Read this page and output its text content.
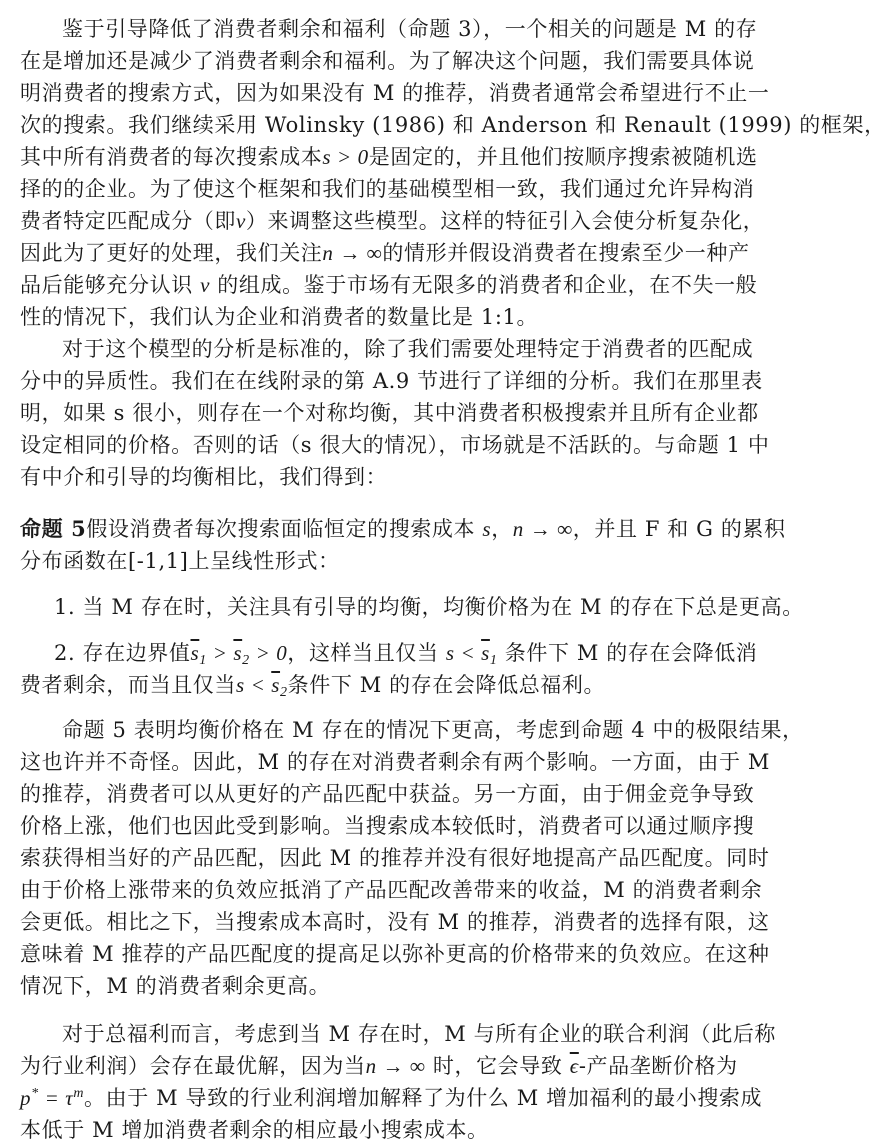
鉴于引导降低了消费者剩余和福利（命题 3），一个相关的问题是 M 的存
在是增加还是减少了消费者剩余和福利。为了解决这个问题，我们需要具体说
明消费者的搜索方式，因为如果没有 M 的推荐，消费者通常会希望进行不止一
次的搜索。我们继续采用 Wolinsky (1986) 和 Anderson 和 Renault (1999) 的框架，
其中所有消费者的每次搜索成本s > 0是固定的，并且他们按顺序搜索被随机选
择的的企业。为了使这个框架和我们的基础模型相一致，我们通过允许异构消
费者特定匹配成分（即v）来调整这些模型。这样的特征引入会使分析复杂化，
因此为了更好的处理，我们关注n → ∞的情形并假设消费者在搜索至少一种产
品后能够充分认识 v 的组成。鉴于市场有无限多的消费者和企业，在不失一般
性的情况下，我们认为企业和消费者的数量比是 1:1。
对于这个模型的分析是标准的，除了我们需要处理特定于消费者的匹配成
分中的异质性。我们在在线附录的第 A.9 节进行了详细的分析。我们在那里表
明，如果 s 很小，则存在一个对称均衡，其中消费者积极搜索并且所有企业都
设定相同的价格。否则的话（s 很大的情况），市场就是不活跃的。与命题 1 中
有中介和引导的均衡相比，我们得到：
命题 5假设消费者每次搜索面临恒定的搜索成本 s，n → ∞，并且 F 和 G 的累积
分布函数在[-1,1]上呈线性形式：
1. 当 M 存在时，关注具有引导的均衡，均衡价格为在 M 的存在下总是更高。
2. 存在边界值$\overline{s}_1 > \overline{s}_2 > 0$，这样当且仅当 $s < \overline{s}_1$ 条件下 M 的存在会降低消
费者剩余，而当且仅当$s < \overline{s}_2$条件下 M 的存在会降低总福利。
命题 5 表明均衡价格在 M 存在的情况下更高，考虑到命题 4 中的极限结果，
这也许并不奇怪。因此，M 的存在对消费者剩余有两个影响。一方面，由于 M
的推荐，消费者可以从更好的产品匹配中获益。另一方面，由于佣金竞争导致
价格上涨，他们也因此受到影响。当搜索成本较低时，消费者可以通过顺序搜
索获得相当好的产品匹配，因此 M 的推荐并没有很好地提高产品匹配度。同时
由于价格上涨带来的负效应抵消了产品匹配改善带来的收益，M 的消费者剩余
会更低。相比之下，当搜索成本高时，没有 M 的推荐，消费者的选择有限，这
意味着 M 推荐的产品匹配度的提高足以弥补更高的价格带来的负效应。在这种
情况下，M 的消费者剩余更高。
对于总福利而言，考虑到当 M 存在时，M 与所有企业的联合利润（此后称
为行业利润）会存在最优解，因为当n → ∞ 时，它会导致 $\overline{\epsilon}-$产品垄断价格为
$p^* = \tau^m$。由于 M 导致的行业利润增加解释了为什么 M 增加福利的最小搜索成
本低于 M 增加消费者剩余的相应最小搜索成本。
